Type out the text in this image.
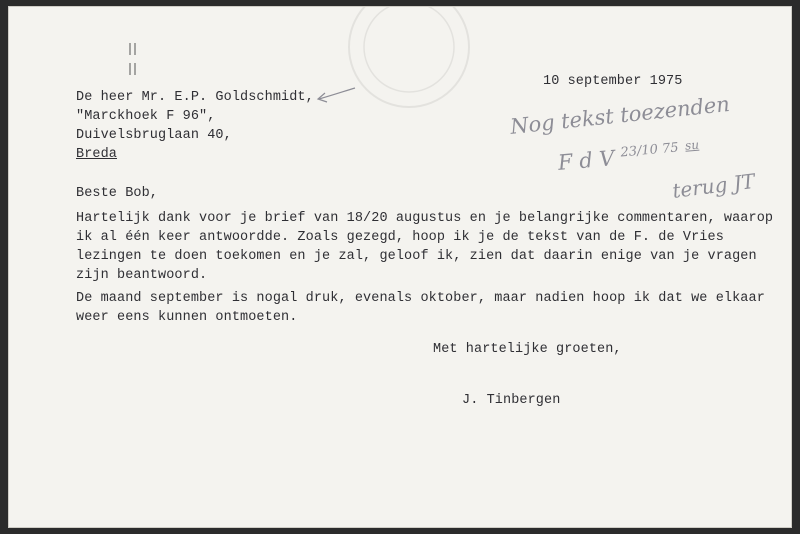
10 september 1975
De heer Mr. E.P. Goldschmidt,
"Marckhoek F 96",
Duivelsbruglaan 40,
Breda
Nog tekst toezenden
F d V $^{23/10 75}$ $^{su}$
terug JT
Beste Bob,
Hartelijk dank voor je brief van 18/20 augustus en je belangrijke commentaren, waarop
ik al één keer antwoordde. Zoals gezegd, hoop ik je de tekst van de F. de Vries
lezingen te doen toekomen en je zal, geloof ik, zien dat daarin enige van je vragen
zijn beantwoord.
De maand september is nogal druk, evenals oktober, maar nadien hoop ik dat we elkaar
weer eens kunnen ontmoeten.
Met hartelijke groeten,
J. Tinbergen
